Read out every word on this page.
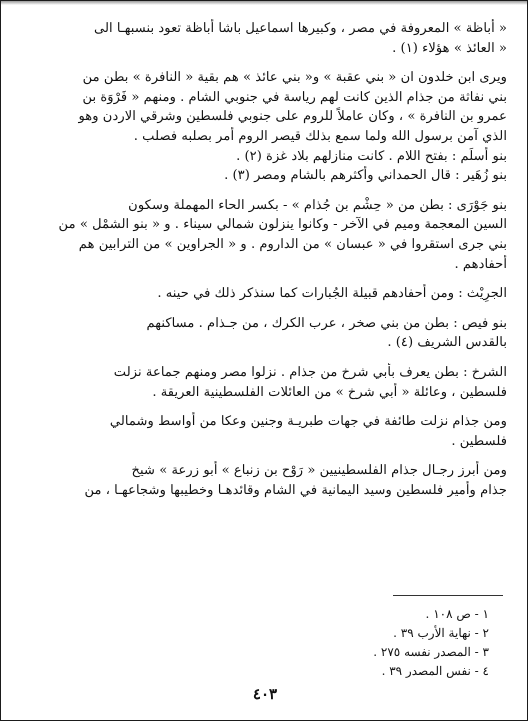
« أباظة » المعروفة في مصر ، وكبيرها اسماعيل باشا أباظة تعود بنسبهـا الى
« العائذ » هؤلاء (١) .
ويرى ابن خلدون ان « بني عقبة » و« بني عائذ » هم بقية « النافرة » بطن من
بني نفاثة من جذام الذين كانت لهم رياسة في جنوبي الشام . ومنهم « فَرْوَة بن
عمرو بن النافرة » ، وكان عاملاً للروم على جنوبي فلسطين وشرقي الاردن وهو
الذي آمن برسول الله ولما سمع بذلك قيصر الروم أمر بصلبه فصلب .
بنو أَسلَم : بفتح اللام . كانت منازلهم بلاد غزة (٢) .
بنو زُهَير : قال الحمداني وأكثرهم بالشام ومصر (٣) .
بنو جَوْرَى : بطن من « حِشْم بن جُذام » - بكسر الحاء المهملة وسكون
السين المعجمة وميم في الآخر - وكانوا ينزلون شمالي سيناء . و « بنو الشمْل » من
بني جرى استقروا في « عبسان » من الداروم . و « الجراوين » من الترابين هم
أحفادهم .
الجرِيْث : ومن أحفادهم قبيلة الجُبارات كما سنذكر ذلك في حينه .
بنو فيص : بطن من بني صخر ، عرب الكرك ، من جـذام . مساكنهم
بالقدس الشريف (٤) .
الشرخ : بطن يعرف بأبي شرخ من جذام . نزلوا مصر ومنهم جماعة نزلت
فلسطين ، وعائلة « أبي شرخ » من العائلات الفلسطينية العريقة .
ومن جذام نزلت طائفة في جهات طبريـة وجنين وعكا من أواسط وشمالي
فلسطين .
ومن أبرز رجـال جذام الفلسطينيين « رَوْح بن زنباع » أبو زرعة » شيخ
جذام وأمير فلسطين وسيد اليمانية في الشام وقائدهـا وخطيبها وشجاعهـا ، من
١ - ص ١٠٨ .
٢ - نهاية الأرب ٣٩ .
٣ - المصدر نفسه ٢٧٥ .
٤ - نفس المصدر ٣٩ .
٤٠٣
